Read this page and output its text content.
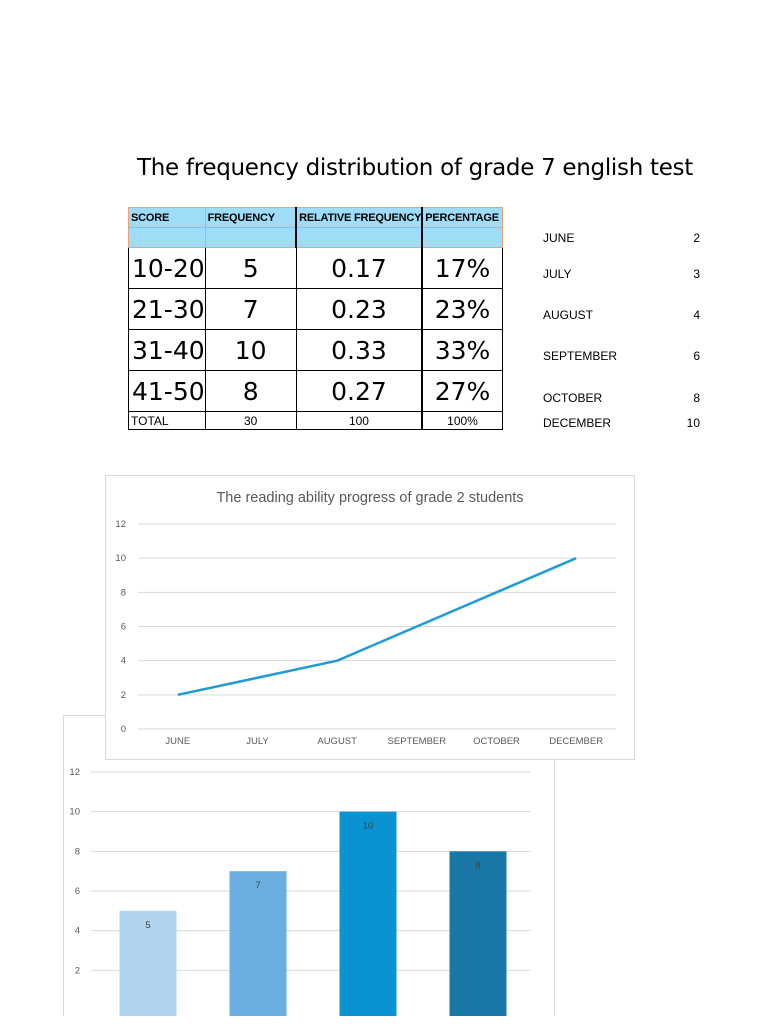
The frequency distribution of grade 7 english test
SCORE	FREQUENCY	RELATIVE FREQUENCY	PERCENTAGE

10-20	5	0.17	17%
21-30	7	0.23	23%
31-40	10	0.33	33%
41-50	8	0.27	27%
TOTAL	30	100	100%
JUNE	2
JULY	3
AUGUST	4
SEPTEMBER	6
OCTOBER	8
DECEMBER	10
2
4
6
8
10
12
5
7
10
8
The reading ability progress of grade 2 students
0
2
4
6
8
10
12
JUNE	JULY	AUGUST	SEPTEMBER	OCTOBER	DECEMBER
